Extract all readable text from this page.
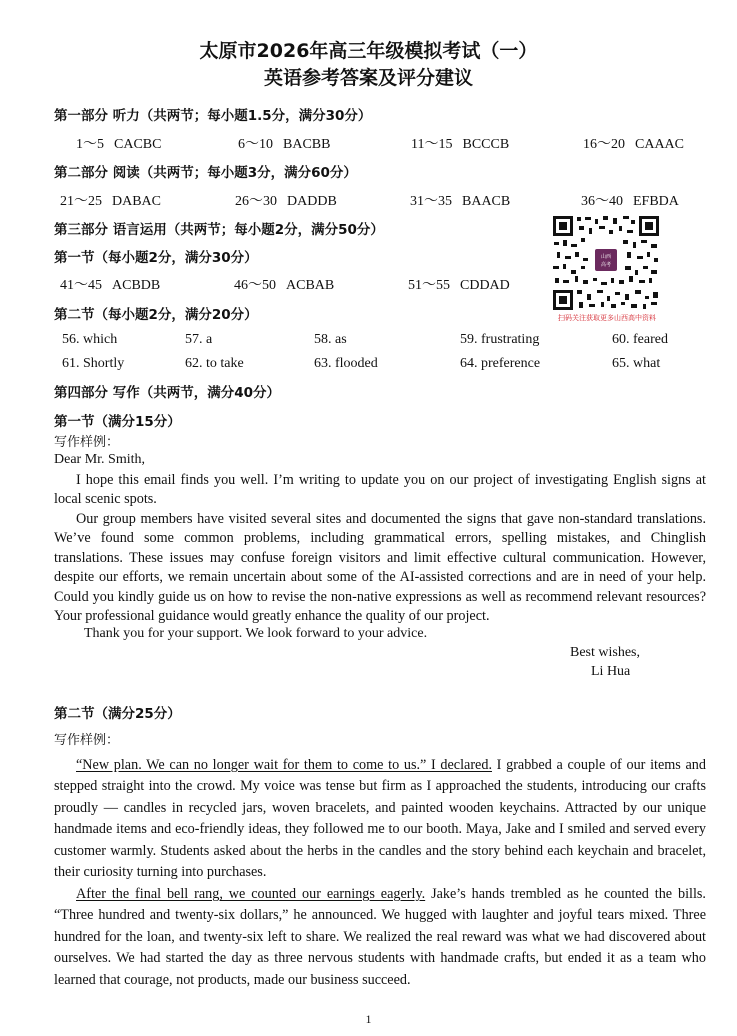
太原市2026年高三年级模拟考试（一）
英语参考答案及评分建议
第一部分 听力（共两节；每小题1.5分，满分30分）
1～5 CACBC	6～10 BACBB	11～15 BCCCB	16～20 CAAAC
第二部分 阅读（共两节；每小题3分，满分60分）
21～25 DABAC	26～30 DADDB	31～35 BAACB	36～40 EFBDA
第三部分 语言运用（共两节；每小题2分，满分50分）
第一节（每小题2分，满分30分）
41～45 ACBDB	46～50 ACBAB	51～55 CDDAD
第二节（每小题2分，满分20分）
56. which	57. a	58. as	59. frustrating	60. feared
61. Shortly	62. to take	63. flooded	64. preference	65. what
山西
高考
扫码关注获取更多山西高中资料
第四部分 写作（共两节，满分40分）
第一节（满分15分）
写作样例：
Dear Mr. Smith,
I hope this email finds you well. I’m writing to update you on our project of investigating English signs at local scenic spots.
Our group members have visited several sites and documented the signs that gave non-standard translations. We’ve found some common problems, including grammatical errors, spelling mistakes, and Chinglish translations. These issues may confuse foreign visitors and limit effective cultural communication. However, despite our efforts, we remain uncertain about some of the AI-assisted corrections and are in need of your help. Could you kindly guide us on how to revise the non-native expressions as well as recommend relevant resources? Your professional guidance would greatly enhance the quality of our project.
Thank you for your support. We look forward to your advice.
Best wishes,
Li Hua
第二节（满分25分）
写作样例：
“New plan. We can no longer wait for them to come to us.” I declared. I grabbed a couple of our items and stepped straight into the crowd. My voice was tense but firm as I approached the students, introducing our crafts proudly — candles in recycled jars, woven bracelets, and painted wooden keychains. Attracted by our unique handmade items and eco-friendly ideas, they followed me to our booth. Maya, Jake and I smiled and served every customer warmly. Students asked about the herbs in the candles and the story behind each keychain and bracelet, their curiosity turning into purchases.
After the final bell rang, we counted our earnings eagerly. Jake’s hands trembled as he counted the bills. “Three hundred and twenty-six dollars,” he announced. We hugged with laughter and joyful tears mixed. Three hundred for the loan, and twenty-six left to share. We realized the real reward was what we had discovered about ourselves. We had started the day as three nervous students with handmade crafts, but ended it as a team who learned that courage, not products, made our business succeed.
1
